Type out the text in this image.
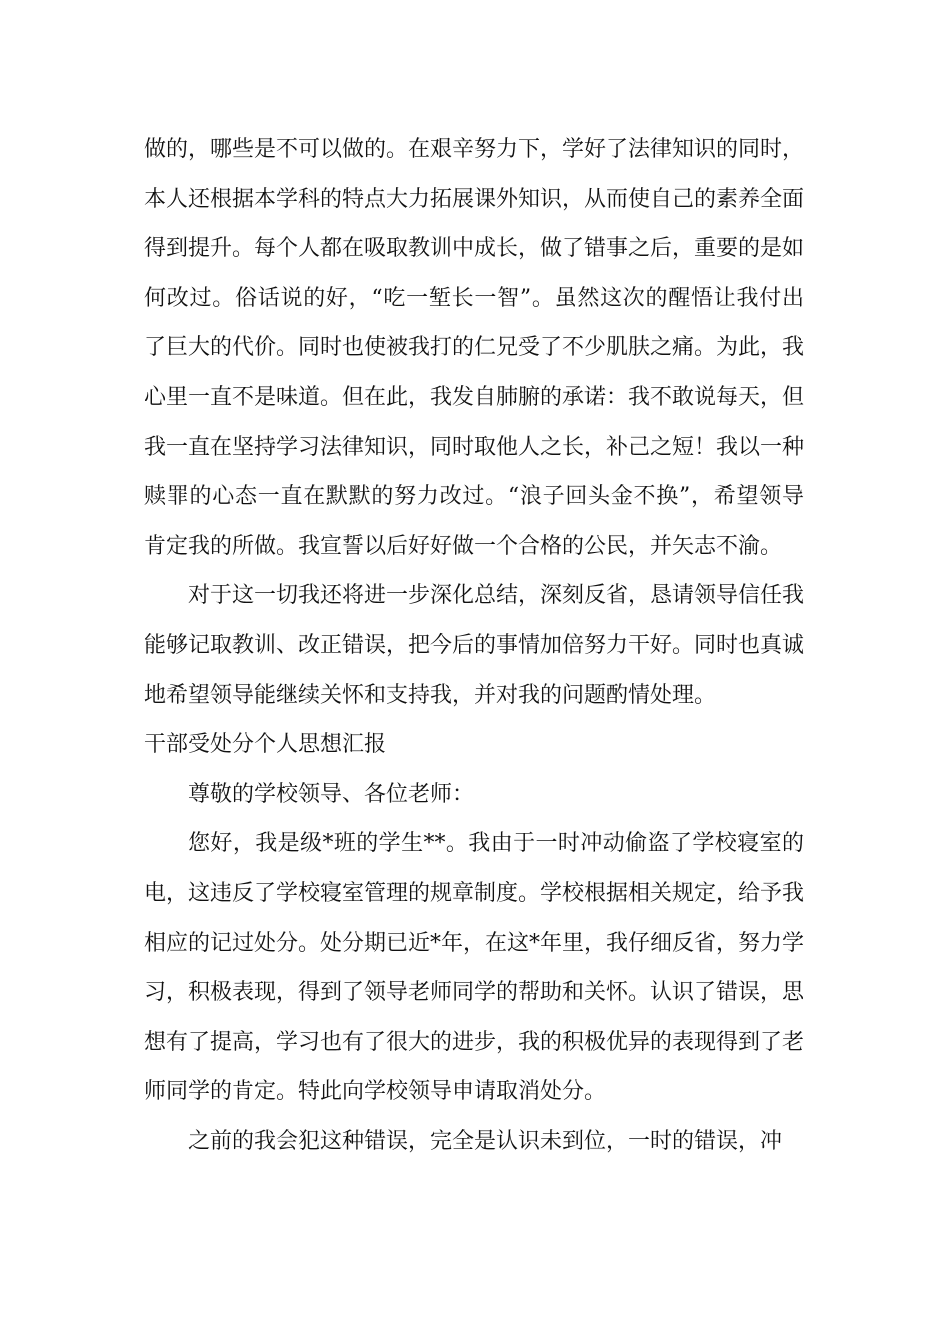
做的，哪些是不可以做的。在艰辛努力下，学好了法律知识的同时，本人还根据本学科的特点大力拓展课外知识，从而使自己的素养全面得到提升。每个人都在吸取教训中成长，做了错事之后，重要的是如何改过。俗话说的好，“吃一堑长一智”。虽然这次的醒悟让我付出了巨大的代价。同时也使被我打的仁兄受了不少肌肤之痛。为此，我心里一直不是味道。但在此，我发自肺腑的承诺：我不敢说每天，但我一直在坚持学习法律知识，同时取他人之长，补己之短！我以一种赎罪的心态一直在默默的努力改过。“浪子回头金不换”，希望领导肯定我的所做。我宣誓以后好好做一个合格的公民，并矢志不渝。

对于这一切我还将进一步深化总结，深刻反省，恳请领导信任我能够记取教训、改正错误，把今后的事情加倍努力干好。同时也真诚地希望领导能继续关怀和支持我，并对我的问题酌情处理。

干部受处分个人思想汇报

尊敬的学校领导、各位老师：

您好，我是级*班的学生**。我由于一时冲动偷盗了学校寝室的电，这违反了学校寝室管理的规章制度。学校根据相关规定，给予我相应的记过处分。处分期已近*年，在这*年里，我仔细反省，努力学习，积极表现，得到了领导老师同学的帮助和关怀。认识了错误，思想有了提高，学习也有了很大的进步，我的积极优异的表现得到了老师同学的肯定。特此向学校领导申请取消处分。

之前的我会犯这种错误，完全是认识未到位，一时的错误，冲
